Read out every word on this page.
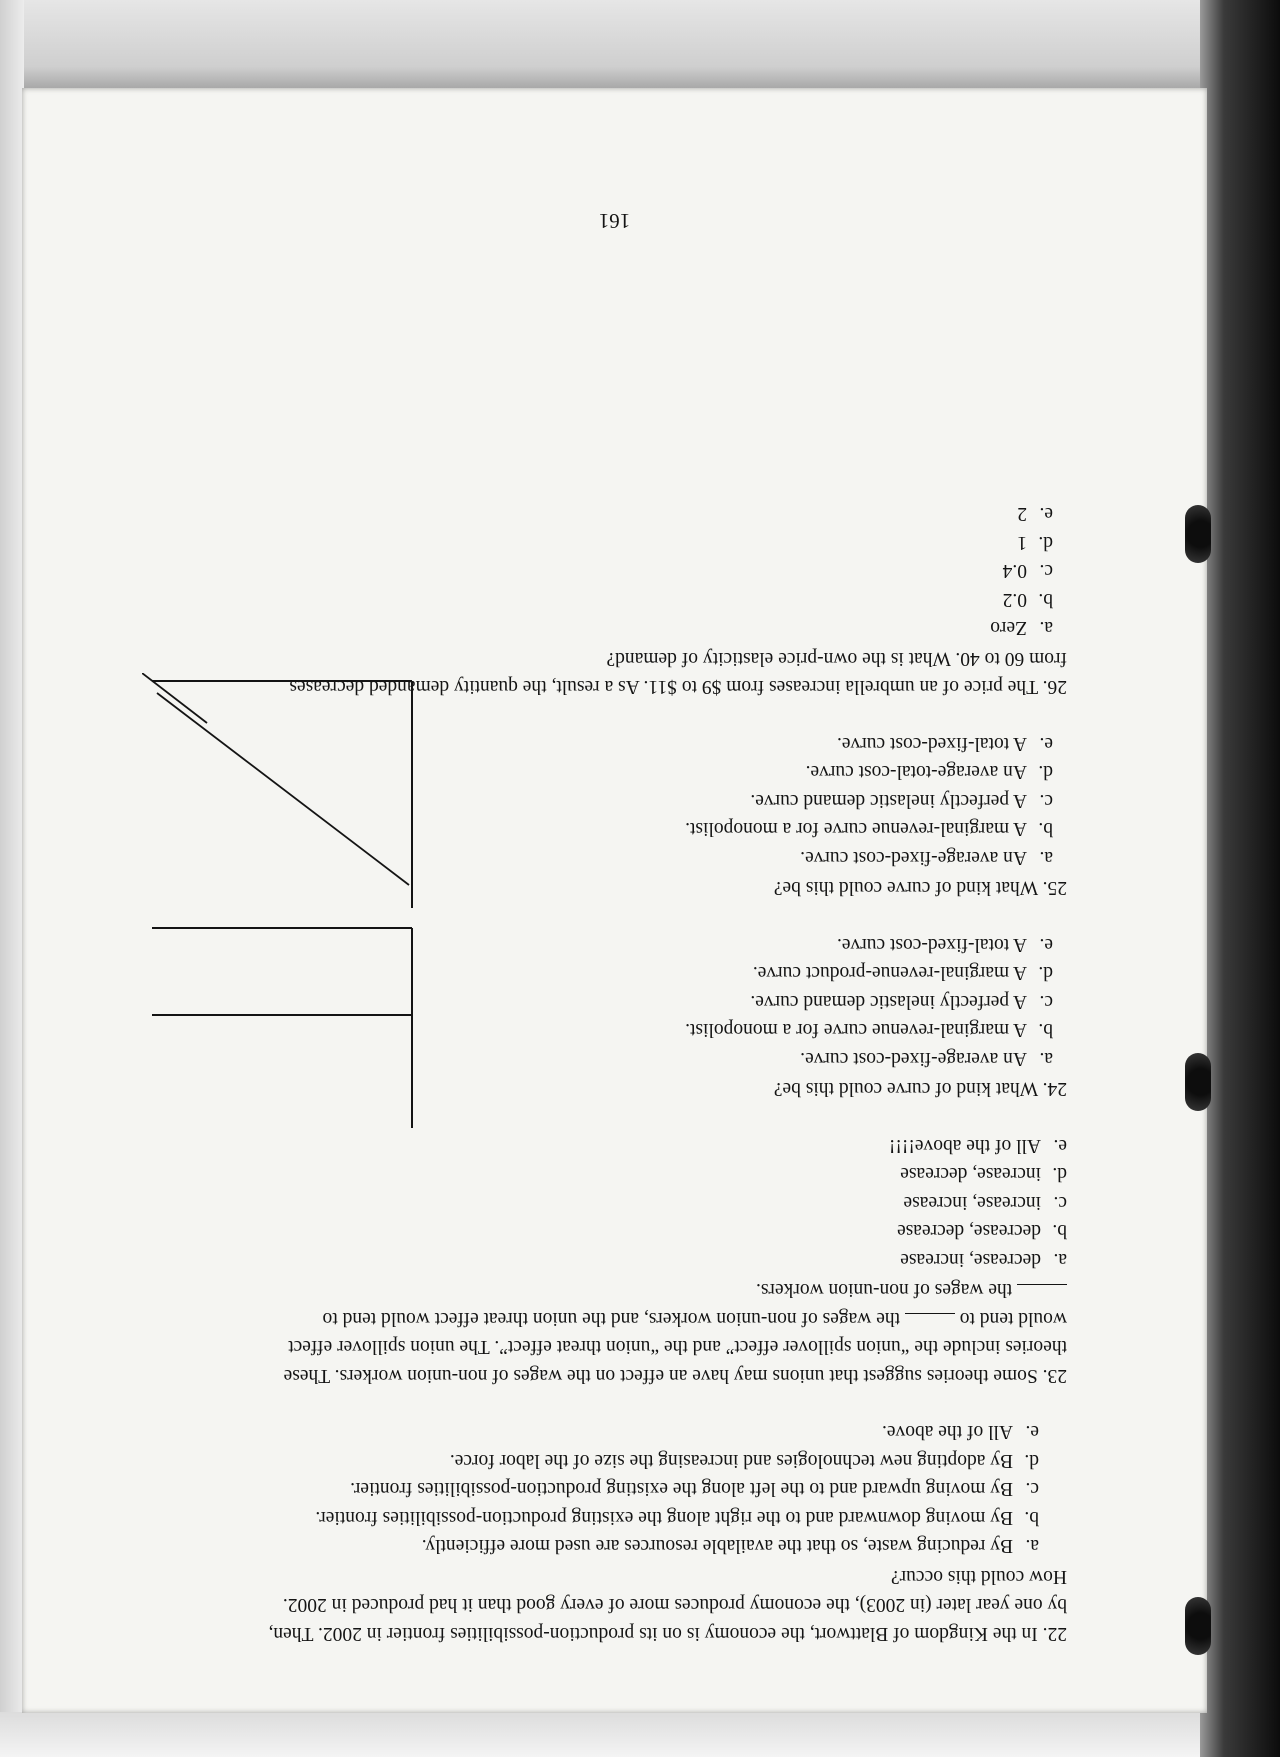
22. In the Kingdom of Blattwort, the economy is on its production-possibilities frontier in 2002. Then,
by one year later (in 2003), the economy produces more of every good than it had produced in 2002.
How could this occur?

a.By reducing waste, so that the available resources are used more efficiently.
b.By moving downward and to the right along the existing production-possibilities frontier.
c.By moving upward and to the left along the existing production-possibilities frontier.
d.By adopting new technologies and increasing the size of the labor force.
e.All of the above.

23. Some theories suggest that unions may have an effect on the wages of non-union workers. These
theories include the “union spillover effect” and the “union threat effect”. The union spillover effect
would tend to  the wages of non-union workers, and the union threat effect would tend to
the wages of non-union workers.

a.decrease, increase
b.decrease, decrease
c.increase, increase
d.increase, decrease
e.All of the above!!!!

24. What kind of curve could this be?

a.An average-fixed-cost curve.
b.A marginal-revenue curve for a monopolist.
c.A perfectly inelastic demand curve.
d.A marginal-revenue-product curve.
e.A total-fixed-cost curve.

25. What kind of curve could this be?

a.An average-fixed-cost curve.
b.A marginal-revenue curve for a monopolist.
c.A perfectly inelastic demand curve.
d.An average-total-cost curve.
e.A total-fixed-cost curve.

26. The price of an umbrella increases from $9 to $11. As a result, the quantity demanded decreases
from 60 to 40. What is the own-price elasticity of demand?

a.Zero
b.0.2
c.0.4
d.1
e.2
161
